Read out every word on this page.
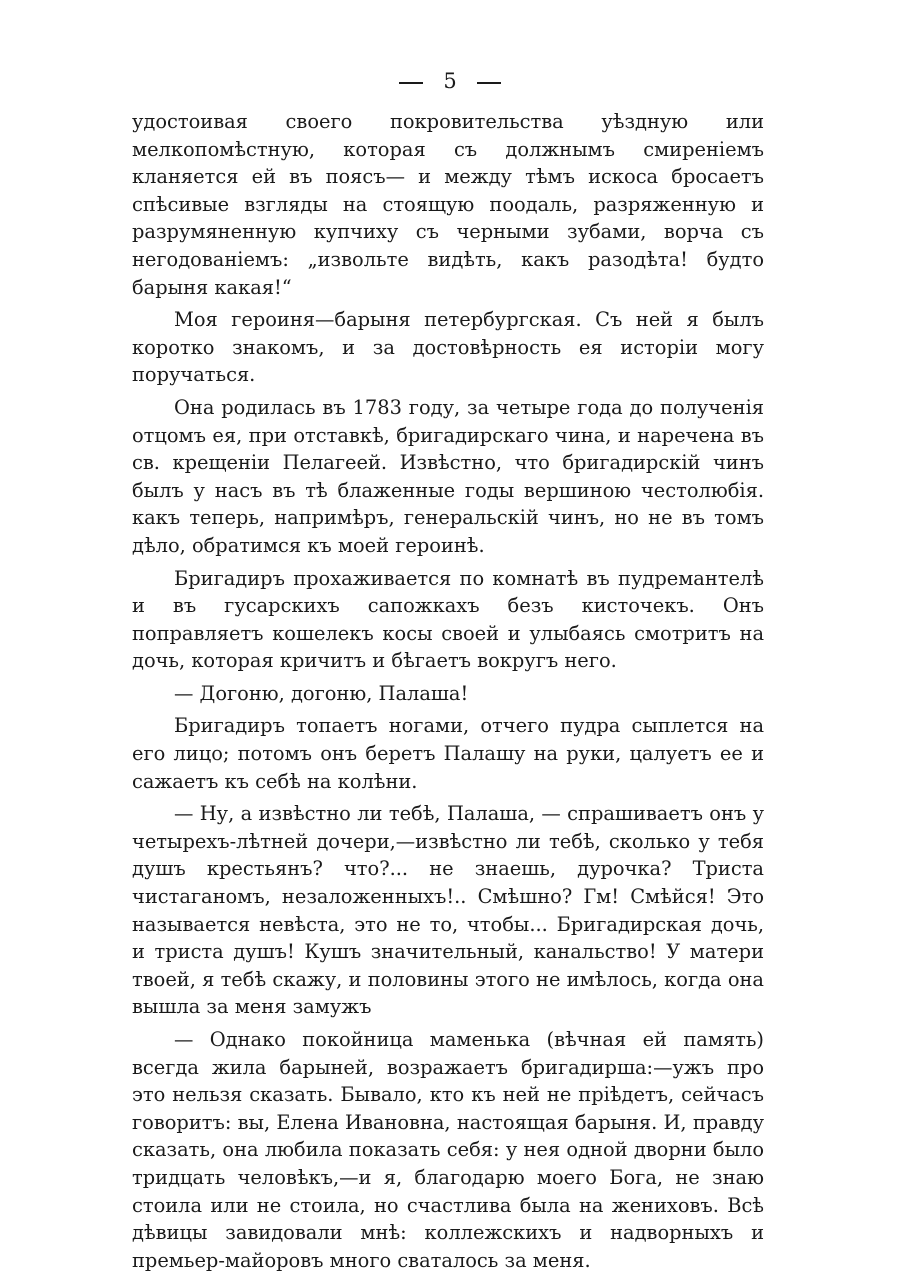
5

удостоивая своего покровительства уѣздную или мелкопомѣстную, которая съ должнымъ смиреніемъ кланяется ей въ поясъ— и между тѣмъ искоса бросаетъ спѣсивые взгляды на стоящую поодаль, разряженную и разрумяненную купчиху съ черными зубами, ворча съ негодованіемъ: „извольте видѣть, какъ разодѣта! будто барыня какая!“

Моя героиня—барыня петербургская. Съ ней я былъ коротко знакомъ, и за достовѣрность ея исторіи могу поручаться.

Она родилась въ 1783 году, за четыре года до полученія отцомъ ея, при отставкѣ, бригадирскаго чина, и наречена въ св. крещеніи Пелагеей. Извѣстно, что бригадирскій чинъ былъ у насъ въ тѣ блаженные годы вершиною честолюбія. какъ теперь, напримѣръ, генеральскій чинъ, но не въ томъ дѣло, обратимся къ моей героинѣ.

Бригадиръ прохаживается по комнатѣ въ пудремантелѣ и въ гусарскихъ сапожкахъ безъ кисточекъ. Онъ поправляетъ кошелекъ косы своей и улыбаясь смотритъ на дочь, которая кричитъ и бѣгаетъ вокругъ него.

— Догоню, догоню, Палаша!

Бригадиръ топаетъ ногами, отчего пудра сыплется на его лицо; потомъ онъ беретъ Палашу на руки, цалуетъ ее и сажаетъ къ себѣ на колѣни.

— Ну, а извѣстно ли тебѣ, Палаша, — спрашиваетъ онъ у четырехъ-лѣтней дочери,—извѣстно ли тебѣ, сколько у тебя душъ крестьянъ? что?... не знаешь, дурочка? Триста чистаганомъ, незаложенныхъ!.. Смѣшно? Гм! Смѣйся! Это называется невѣста, это не то, чтобы... Бригадирская дочь, и триста душъ! Кушъ значительный, канальство! У матери твоей, я тебѣ скажу, и половины этого не имѣлось, когда она вышла за меня замужъ

— Однако покойница маменька (вѣчная ей память) всегда жила барыней, возражаетъ бригадирша:—ужъ про это нельзя сказать. Бывало, кто къ ней не пріѣдетъ, сейчасъ говоритъ: вы, Елена Ивановна, настоящая барыня. И, правду сказать, она любила показать себя: у нея одной дворни было тридцать человѣкъ,—и я, благодарю моего Бога, не знаю стоила или не стоила, но счастлива была на жениховъ. Всѣ дѣвицы завидовали мнѣ: коллежскихъ и надворныхъ и премьер-майоровъ много сваталось за меня.
